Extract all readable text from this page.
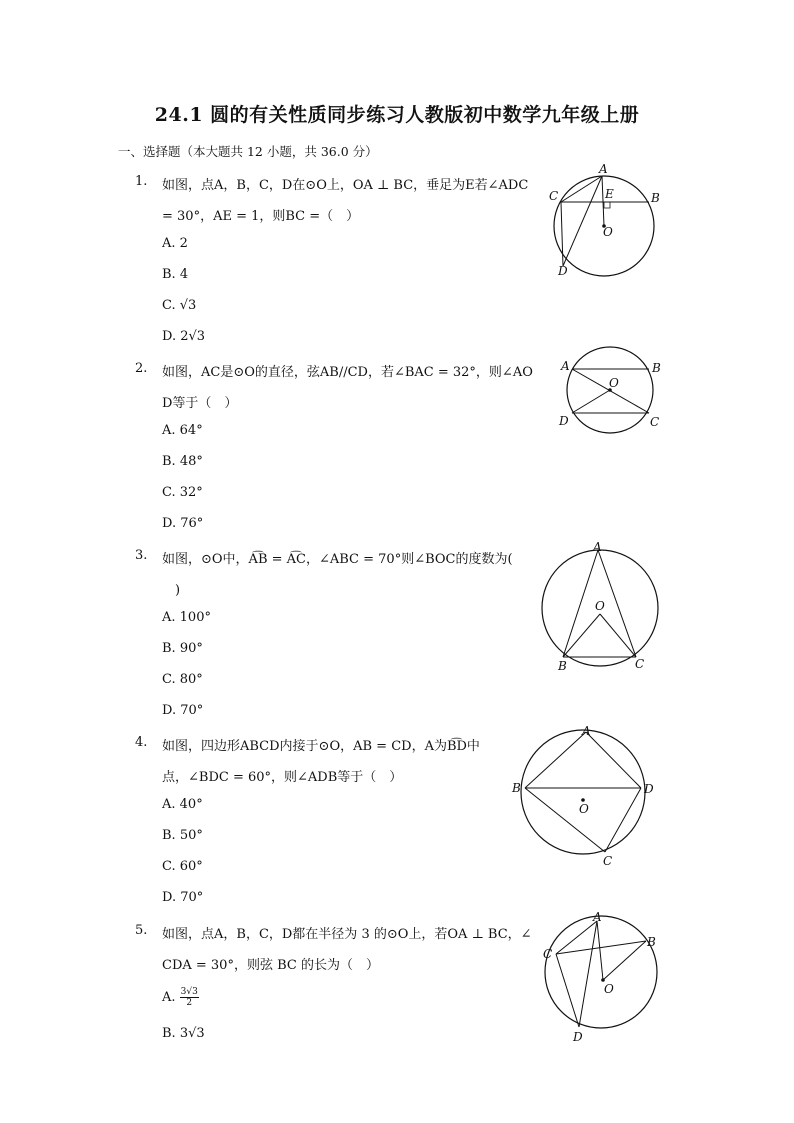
24.1 圆的有关性质同步练习人教版初中数学九年级上册
一、选择题（本大题共 12 小题，共 36.0 分）
1. 如图，点A，B，C，D在⊙O上，OA ⊥ BC，垂足为E若∠ADC
= 30°，AE = 1，则BC =（　）
A. 2
B. 4
C. √3
D. 2√3
A
B
C
D
E
O
2. 如图，AC是⊙O的直径，弦AB//CD，若∠BAC = 32°，则∠AO
D等于（　）
A. 64°
B. 48°
C. 32°
D. 76°
A	B
C
D
O
3. 如图，⊙O中，A͡B = A͡C，∠ABC = 70°则∠BOC的度数为(
　)
A. 100°
B. 90°
C. 80°
D. 70°
A
B	C
O
4. 如图，四边形ABCD内接于⊙O，AB = CD，A为B͡D中
点，∠BDC = 60°，则∠ADB等于（　）
A. 40°
B. 50°
C. 60°
D. 70°
A
B
C
D
O
5. 如图，点A，B，C，D都在半径为 3 的⊙O上，若OA ⊥ BC，∠
CDA = 30°，则弦 BC 的长为（　）
A. $\frac{3√3}{2}$
B. 3√3
A
B
C
D
O
